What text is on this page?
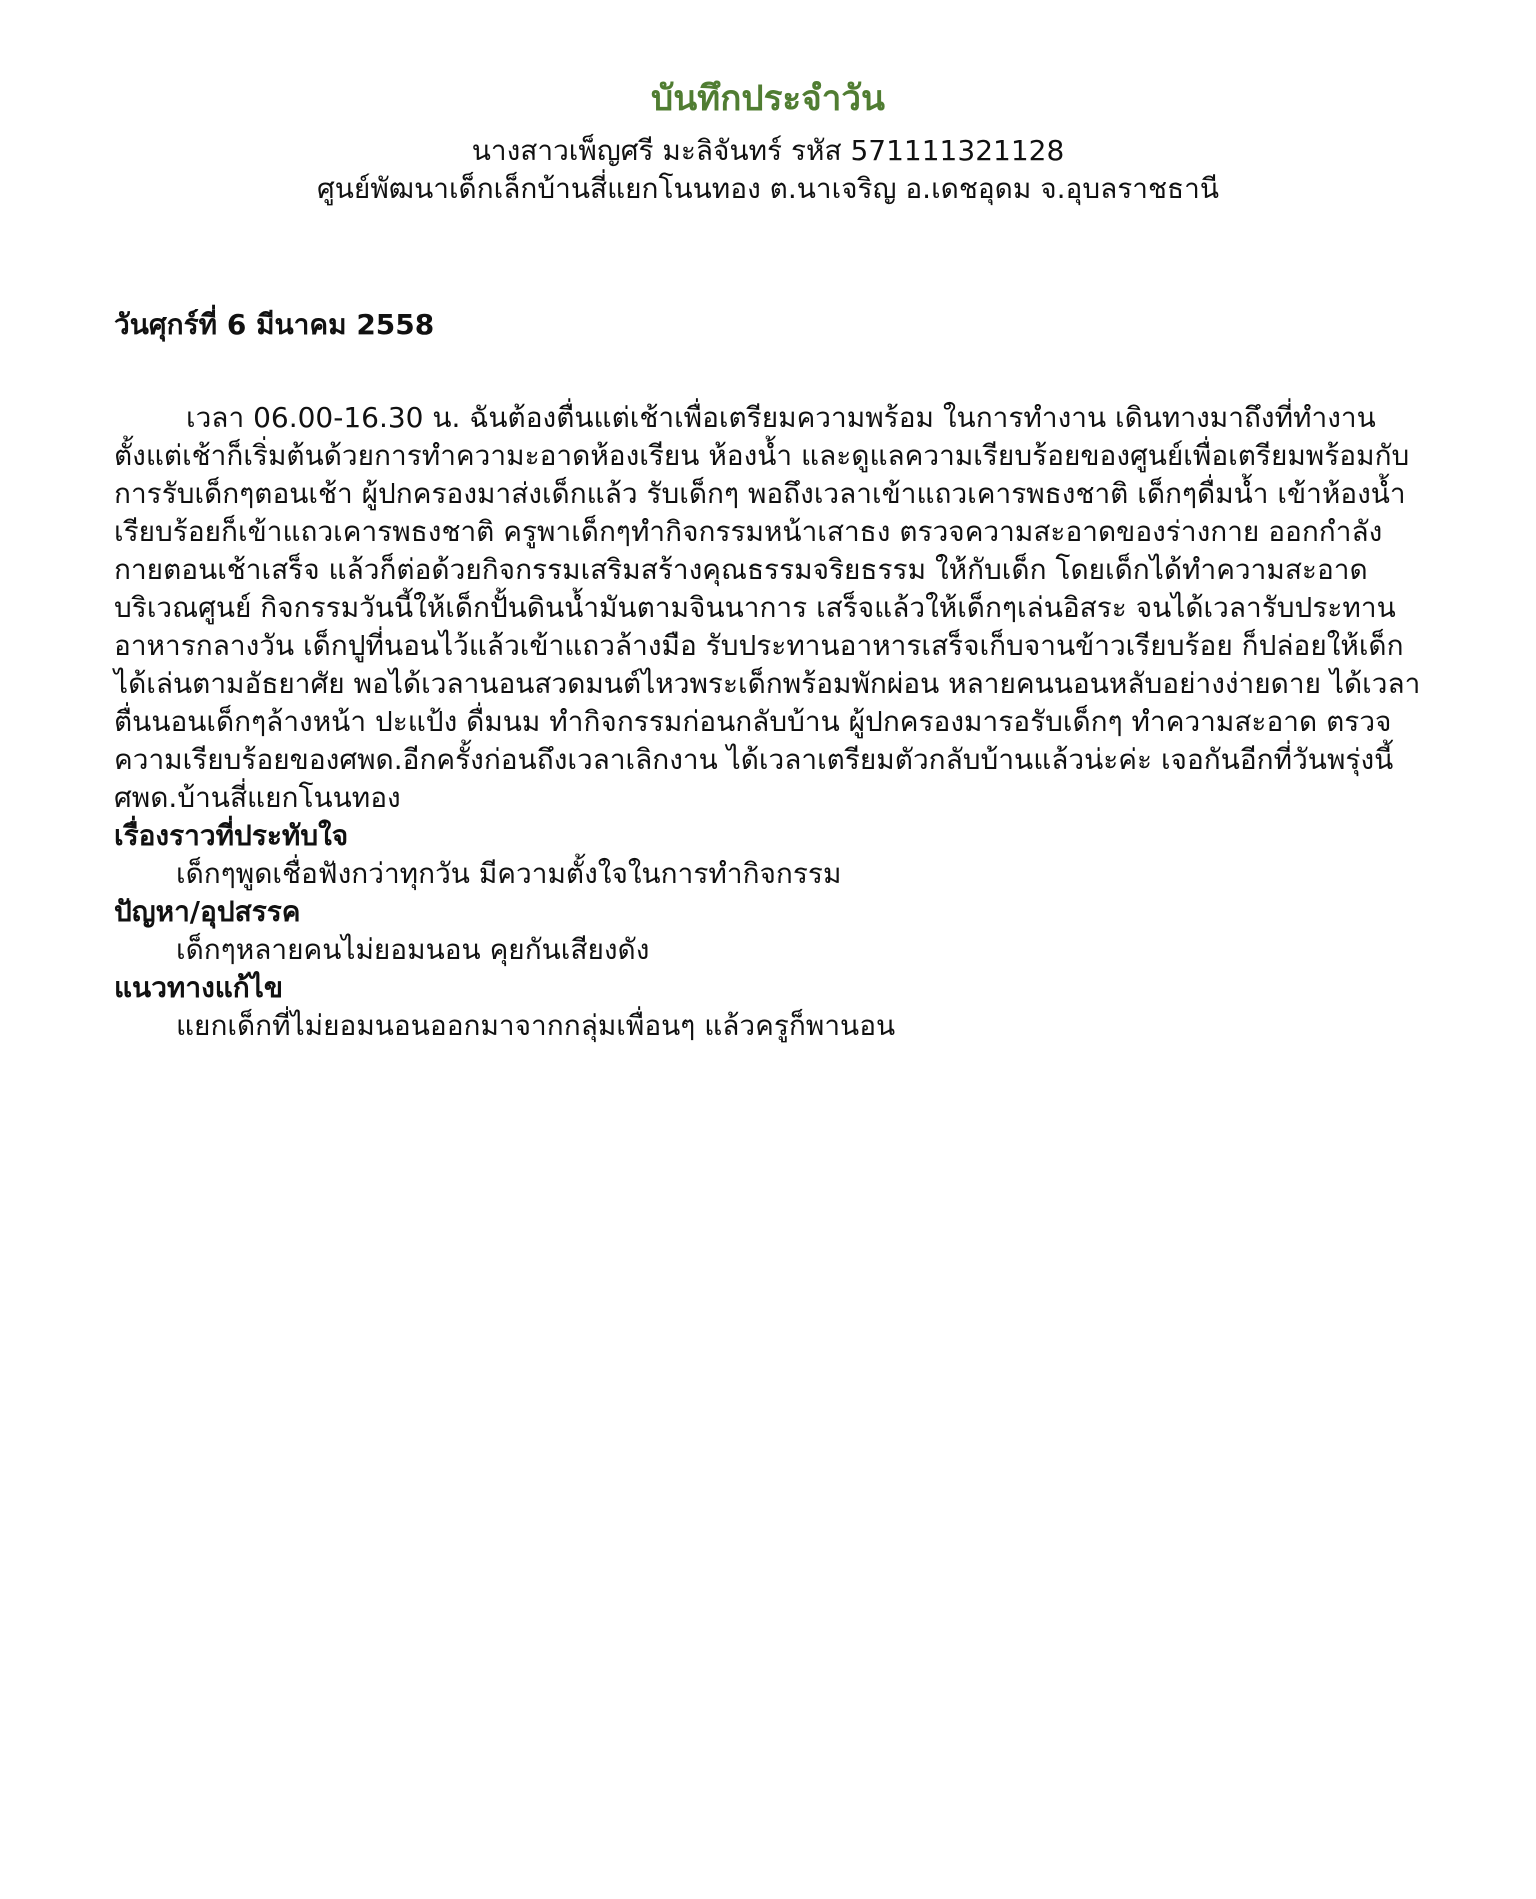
บันทึกประจำวัน

นางสาวเพ็ญศรี มะลิจันทร์ รหัส 571111321128

ศูนย์พัฒนาเด็กเล็กบ้านสี่แยกโนนทอง ต.นาเจริญ อ.เดชอุดม จ.อุบลราชธานี

วันศุกร์ที่ 6 มีนาคม 2558

เวลา 06.00-16.30 น. ฉันต้องตื่นแต่เช้าเพื่อเตรียมความพร้อม ในการทำงาน เดินทางมาถึงที่ทำงานตั้งแต่เช้าก็เริ่มต้นด้วยการทำความะอาดห้องเรียน ห้องน้ำ และดูแลความเรียบร้อยของศูนย์เพื่อเตรียมพร้อมกับการรับเด็กๆตอนเช้า ผู้ปกครองมาส่งเด็กแล้ว รับเด็กๆ พอถึงเวลาเข้าแถวเคารพธงชาติ เด็กๆดื่มน้ำ เข้าห้องน้ำ เรียบร้อยก็เข้าแถวเคารพธงชาติ ครูพาเด็กๆทำกิจกรรมหน้าเสาธง ตรวจความสะอาดของร่างกาย ออกกำลังกายตอนเช้าเสร็จ แล้วก็ต่อด้วยกิจกรรมเสริมสร้างคุณธรรมจริยธรรม ให้กับเด็ก โดยเด็กได้ทำความสะอาดบริเวณศูนย์ กิจกรรมวันนี้ให้เด็กปั้นดินน้ำมันตามจินนาการ เสร็จแล้วให้เด็กๆเล่นอิสระ จนได้เวลารับประทานอาหารกลางวัน เด็กปูที่นอนไว้แล้วเข้าแถวล้างมือ รับประทานอาหารเสร็จเก็บจานข้าวเรียบร้อย ก็ปล่อยให้เด็กได้เล่นตามอัธยาศัย พอได้เวลานอนสวดมนต์ไหวพระเด็กพร้อมพักผ่อน หลายคนนอนหลับอย่างง่ายดาย ได้เวลาตื่นนอนเด็กๆล้างหน้า ปะแป้ง ดื่มนม ทำกิจกรรมก่อนกลับบ้าน ผู้ปกครองมารอรับเด็กๆ ทำความสะอาด ตรวจความเรียบร้อยของศพด.อีกครั้งก่อนถึงเวลาเลิกงาน ได้เวลาเตรียมตัวกลับบ้านแล้วน่ะค่ะ เจอกันอีกที่วันพรุ่งนี้ศพด.บ้านสี่แยกโนนทอง

เรื่องราวที่ประทับใจ

เด็กๆพูดเชื่อฟังกว่าทุกวัน มีความตั้งใจในการทำกิจกรรม

ปัญหา/อุปสรรค

เด็กๆหลายคนไม่ยอมนอน คุยกันเสียงดัง

แนวทางแก้ไข

แยกเด็กที่ไม่ยอมนอนออกมาจากกลุ่มเพื่อนๆ แล้วครูก็พานอน
